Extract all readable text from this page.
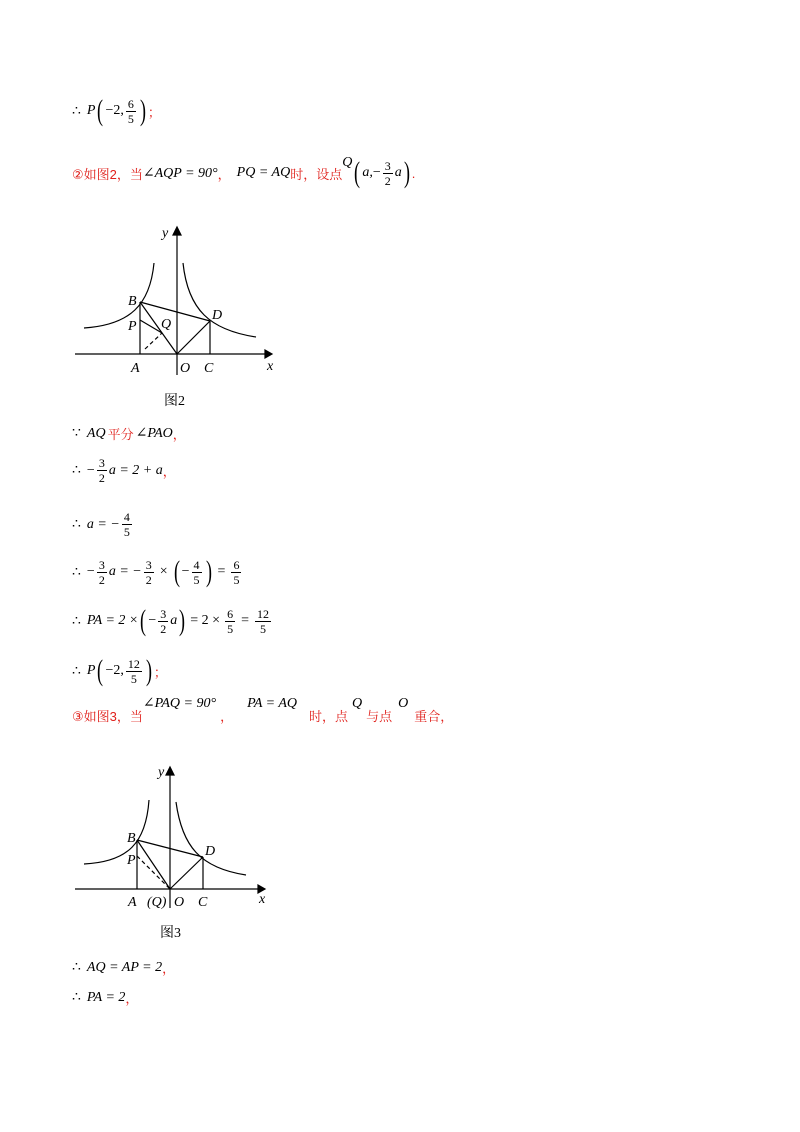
∴ P ( −2, $\frac{6}{5}$ ) ；
②如图2，当 ∠AQP = 90° ， PQ = AQ 时，设点
Q ( a, − $\frac{3}{2}$ a ) .
y
x
B
P Q
D
A	O C
图2
∵ AQ 平分 ∠PAO ，
∴ − $\frac{3}{2}$ a = 2 + a ，
∴ a = − $\frac{4}{5}$
∴ − $\frac{3}{2}$ a = − $\frac{3}{2}$ × ( − $\frac{4}{5}$ ) = $\frac{6}{5}$
∴ PA = 2 × ( − $\frac{3}{2}$ a ) = $2 \times \frac{6}{5} = \frac{12}{5}$
∴ P ( −2, $\frac{12}{5}$ ) ；
③如图3，当
∠PAQ = 90°
，
PA = AQ
时，点
Q
与点
O
重合，
y
x
B
P
D
A (Q) O C
图3
∴ AQ = AP = 2 ，
∴ PA = 2 ，
